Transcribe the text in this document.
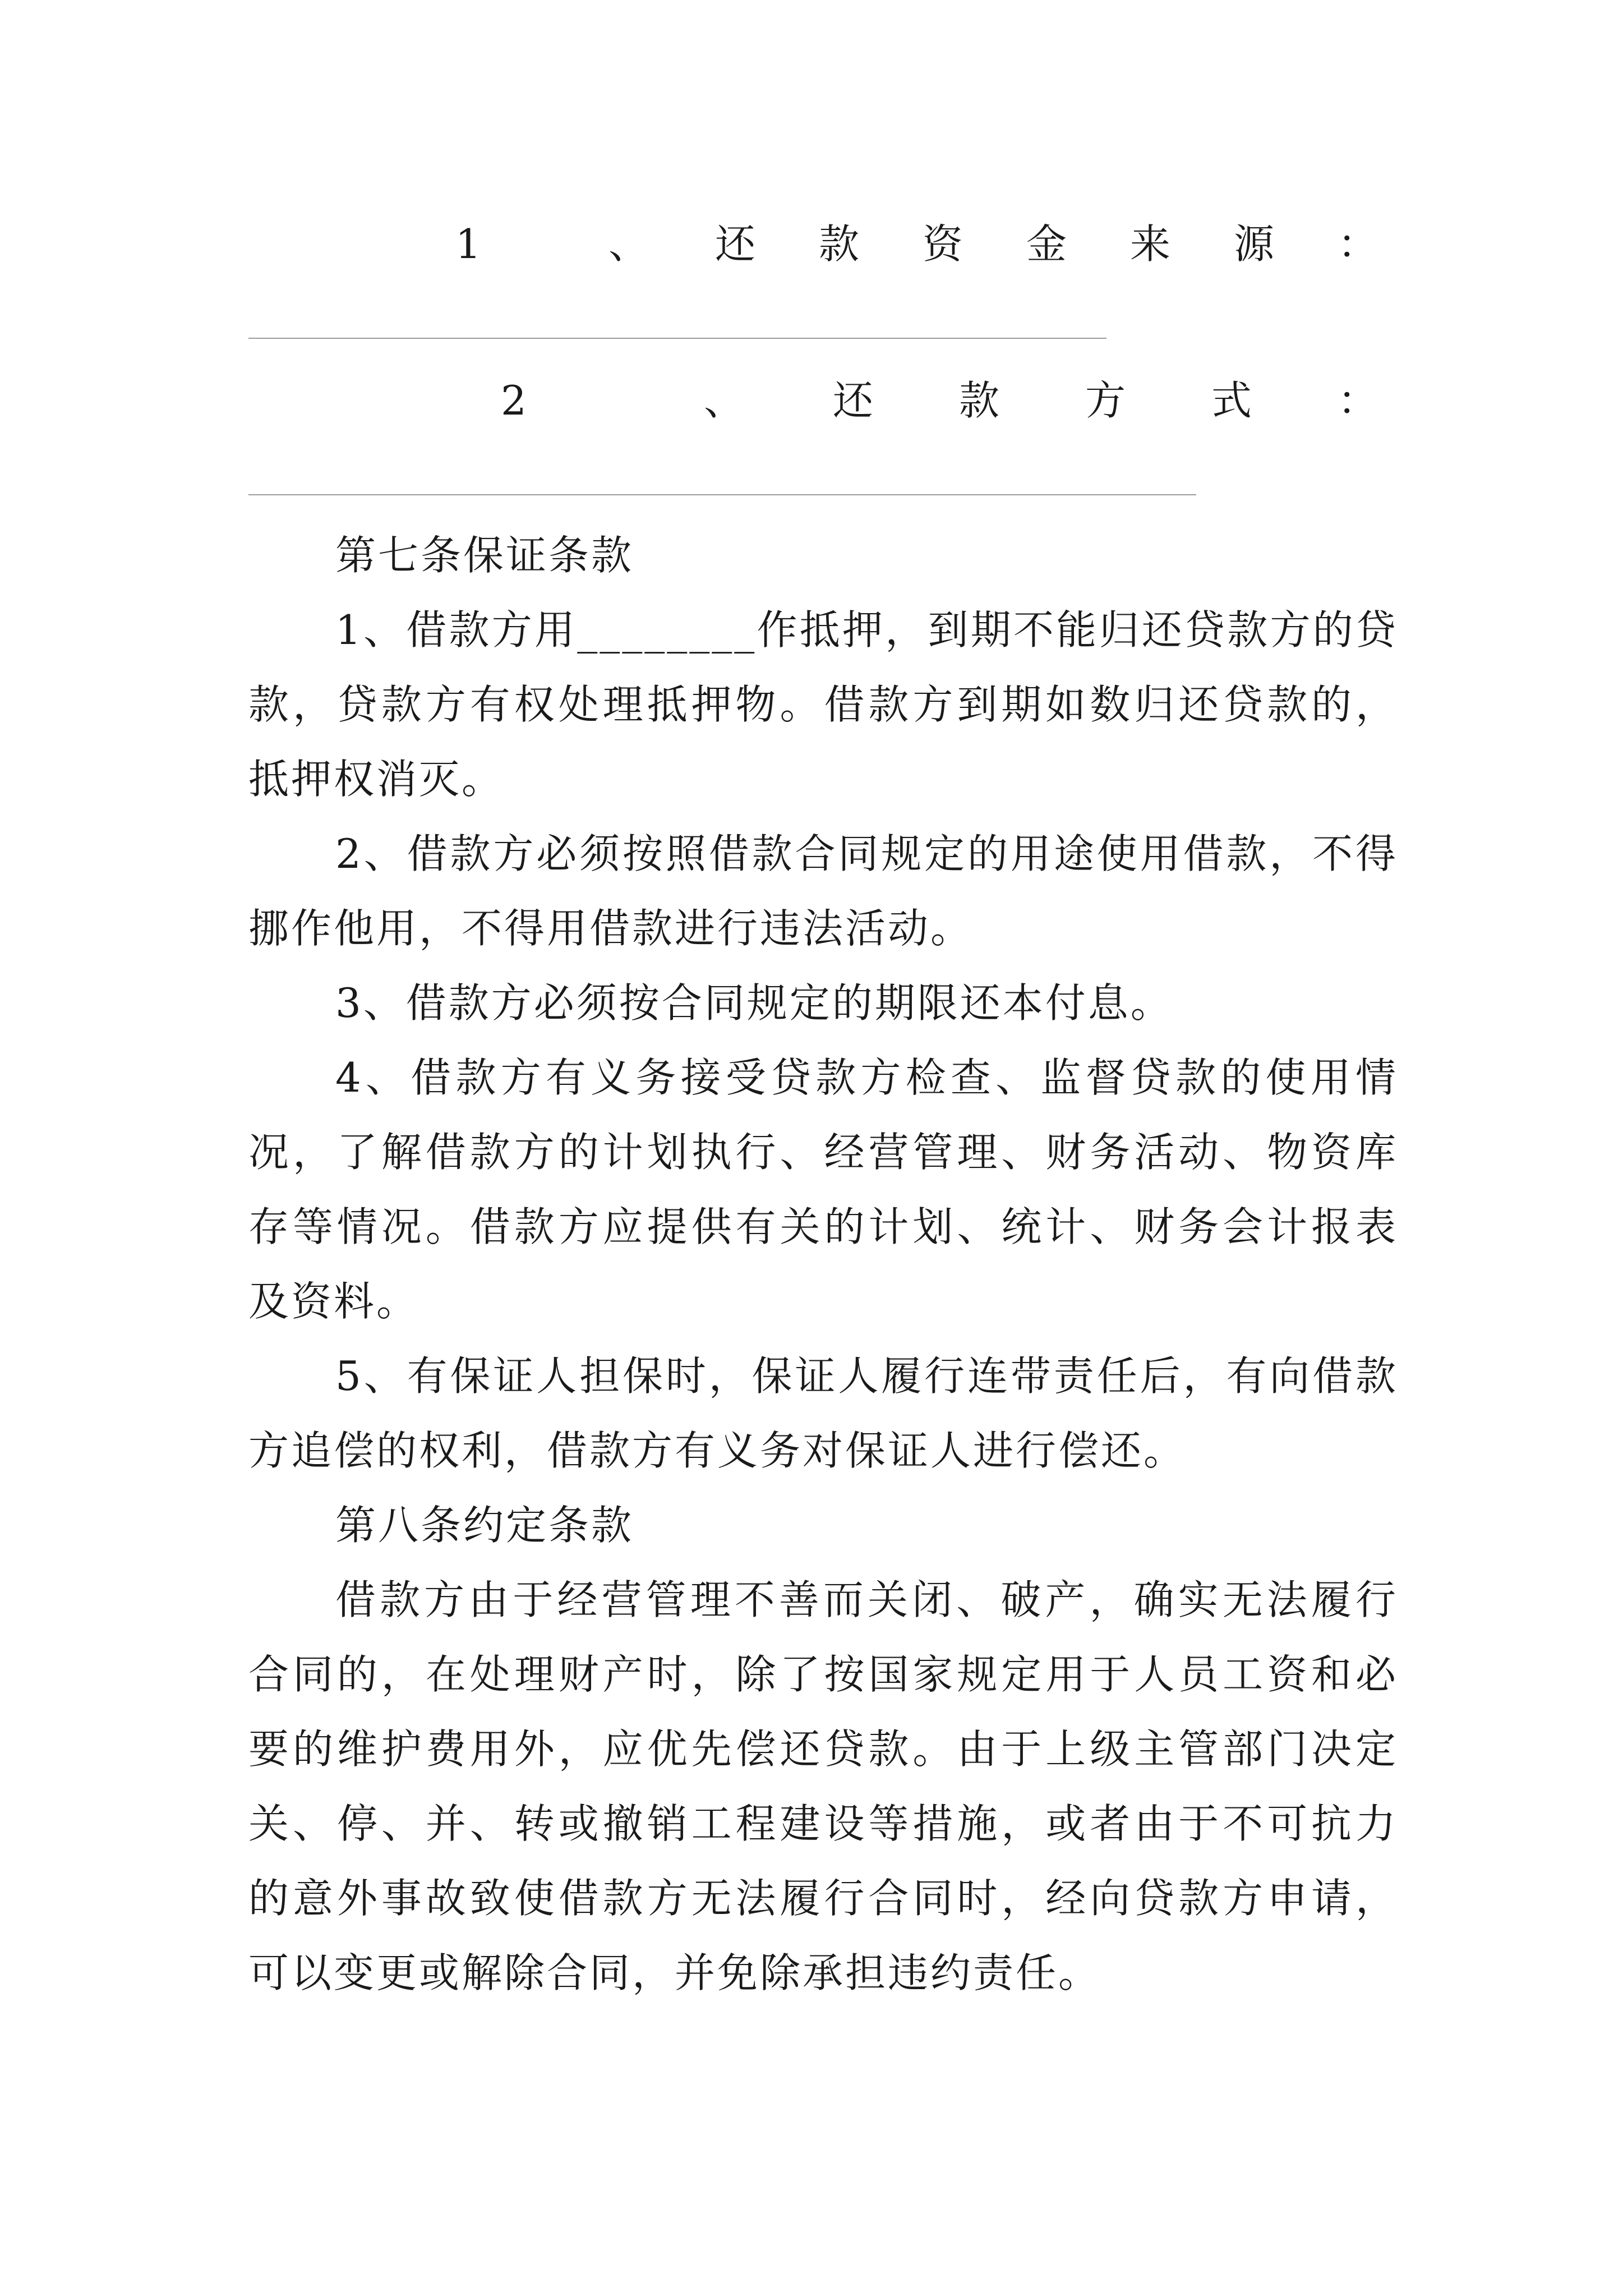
1	、 还 款 资 金 来 源 ：
2	、 还 款 方 式 ：

第七条保证条款

1、借款方用________作抵押，到期不能归还贷款方的贷款，贷款方有权处理抵押物。借款方到期如数归还贷款的，抵押权消灭。

2、借款方必须按照借款合同规定的用途使用借款，不得挪作他用，不得用借款进行违法活动。

3、借款方必须按合同规定的期限还本付息。

4、借款方有义务接受贷款方检查、监督贷款的使用情况，了解借款方的计划执行、经营管理、财务活动、物资库存等情况。借款方应提供有关的计划、统计、财务会计报表及资料。

5、有保证人担保时，保证人履行连带责任后，有向借款方追偿的权利，借款方有义务对保证人进行偿还。

第八条约定条款

借款方由于经营管理不善而关闭、破产，确实无法履行合同的，在处理财产时，除了按国家规定用于人员工资和必要的维护费用外，应优先偿还贷款。由于上级主管部门决定关、停、并、转或撤销工程建设等措施，或者由于不可抗力的意外事故致使借款方无法履行合同时，经向贷款方申请，可以变更或解除合同，并免除承担违约责任。
